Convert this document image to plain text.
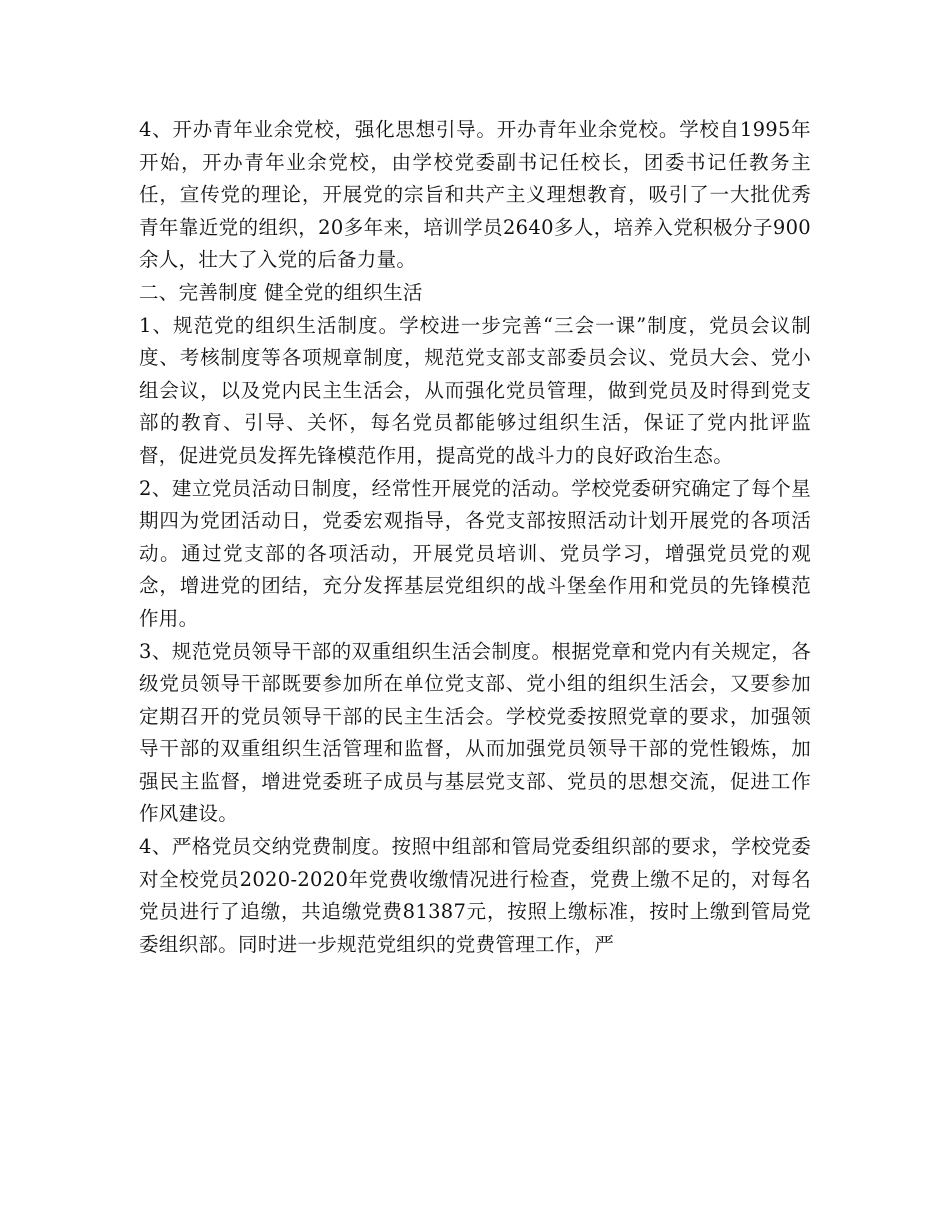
4、开办青年业余党校，强化思想引导。开办青年业余党校。学校自1995年开始，开办青年业余党校，由学校党委副书记任校长，团委书记任教务主任，宣传党的理论，开展党的宗旨和共产主义理想教育，吸引了一大批优秀青年靠近党的组织，20多年来，培训学员2640多人，培养入党积极分子900余人，壮大了入党的后备力量。

二、完善制度 健全党的组织生活

1、规范党的组织生活制度。学校进一步完善“三会一课”制度，党员会议制度、考核制度等各项规章制度，规范党支部支部委员会议、党员大会、党小组会议，以及党内民主生活会，从而强化党员管理，做到党员及时得到党支部的教育、引导、关怀，每名党员都能够过组织生活，保证了党内批评监督，促进党员发挥先锋模范作用，提高党的战斗力的良好政治生态。

2、建立党员活动日制度，经常性开展党的活动。学校党委研究确定了每个星期四为党团活动日，党委宏观指导，各党支部按照活动计划开展党的各项活动。通过党支部的各项活动，开展党员培训、党员学习，增强党员党的观念，增进党的团结，充分发挥基层党组织的战斗堡垒作用和党员的先锋模范作用。

3、规范党员领导干部的双重组织生活会制度。根据党章和党内有关规定，各级党员领导干部既要参加所在单位党支部、党小组的组织生活会，又要参加定期召开的党员领导干部的民主生活会。学校党委按照党章的要求，加强领导干部的双重组织生活管理和监督，从而加强党员领导干部的党性锻炼，加强民主监督，增进党委班子成员与基层党支部、党员的思想交流，促进工作作风建设。

4、严格党员交纳党费制度。按照中组部和管局党委组织部的要求，学校党委对全校党员2020-2020年党费收缴情况进行检查，党费上缴不足的，对每名党员进行了追缴，共追缴党费81387元，按照上缴标准，按时上缴到管局党委组织部。同时进一步规范党组织的党费管理工作，严
